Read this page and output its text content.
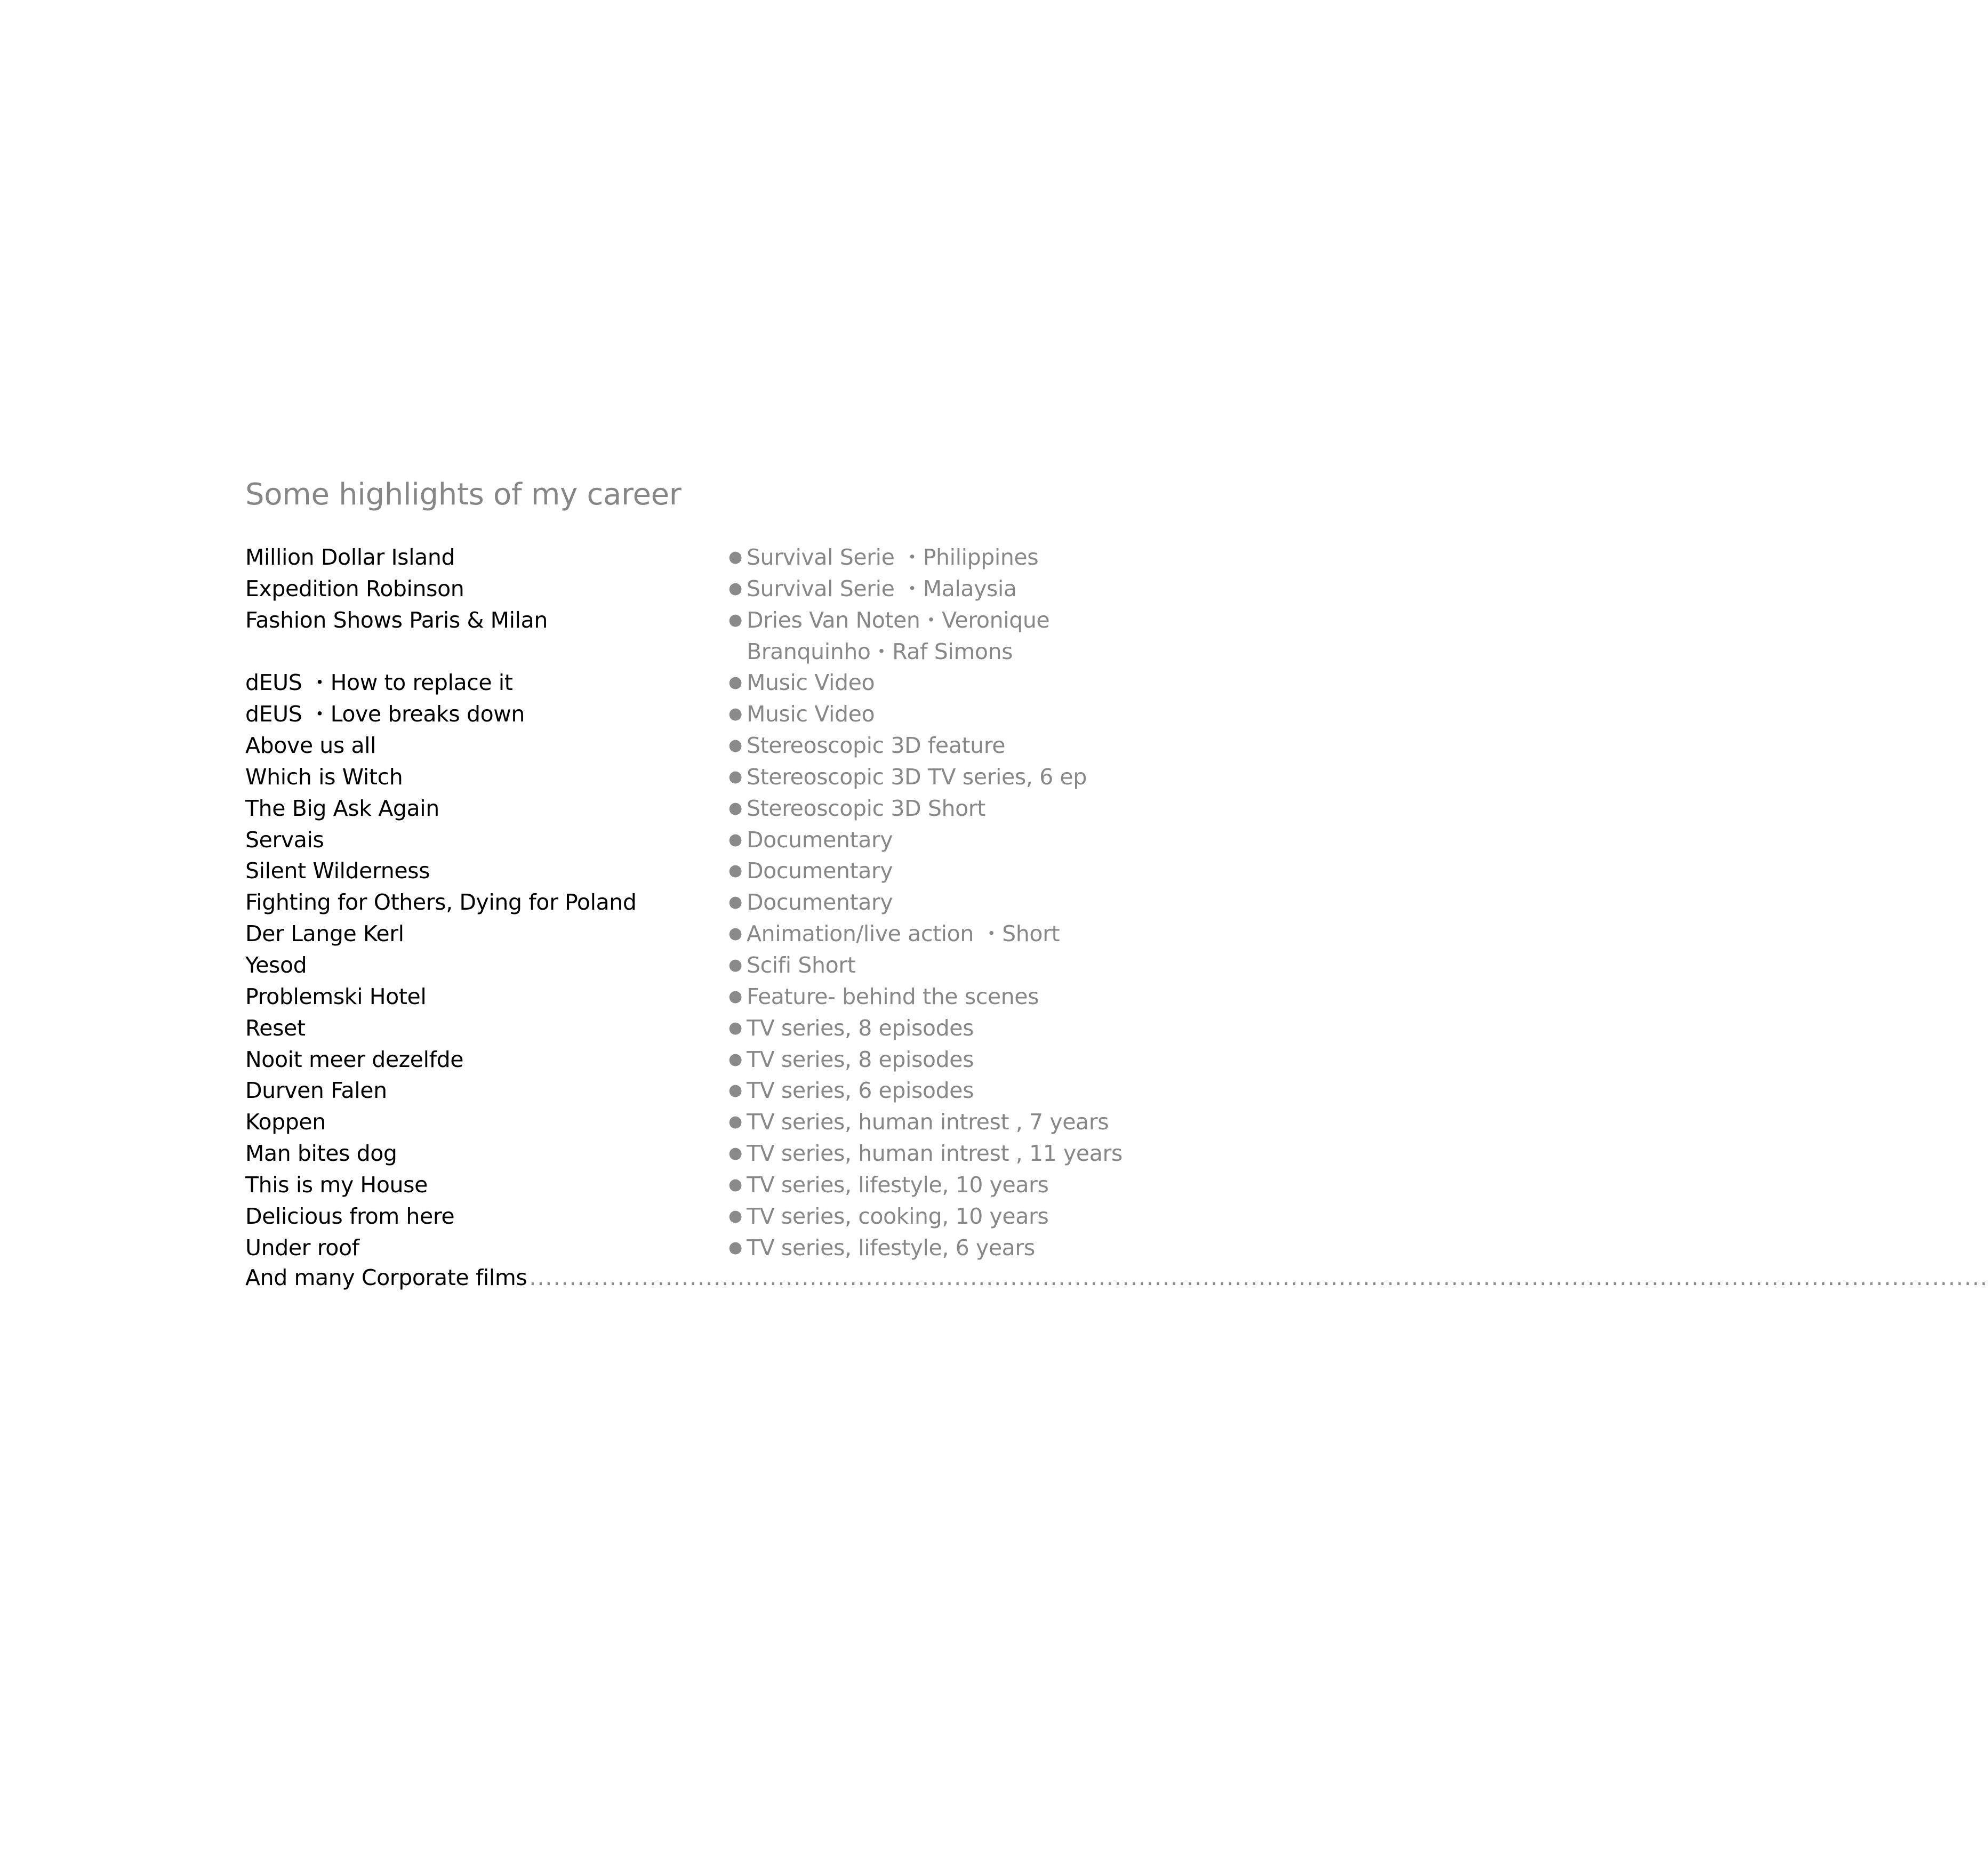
Some highlights of my career
Million Dollar Island
Expedition Robinson
Fashion Shows Paris & Milan
dEUS ・How to replace it
dEUS ・Love breaks down
Above us all
Which is Witch
The Big Ask Again
Servais
Silent Wilderness
Fighting for Others, Dying for Poland
Der Lange Kerl
Yesod
Problemski Hotel
Reset
Nooit meer dezelfde
Durven Falen
Koppen
Man bites dog
This is my House
Delicious from here
Under roof
● Survival Serie ・Philippines
● Survival Serie ・Malaysia
● Dries Van Noten・Veronique
Branquinho・Raf Simons
● Music Video
● Music Video
● Stereoscopic 3D feature
● Stereoscopic 3D TV series, 6 ep
● Stereoscopic 3D Short
● Documentary
● Documentary
● Documentary
● Animation/live action ・Short
● Scifi Short
● Feature- behind the scenes
● TV series, 8 episodes
● TV series, 8 episodes
● TV series, 6 episodes
● TV series, human intrest , 7 years
● TV series, human intrest , 11 years
● TV series, lifestyle, 10 years
● TV series, cooking, 10 years
● TV series, lifestyle, 6 years
And many Corporate films ......................................................................................................................................................................................
